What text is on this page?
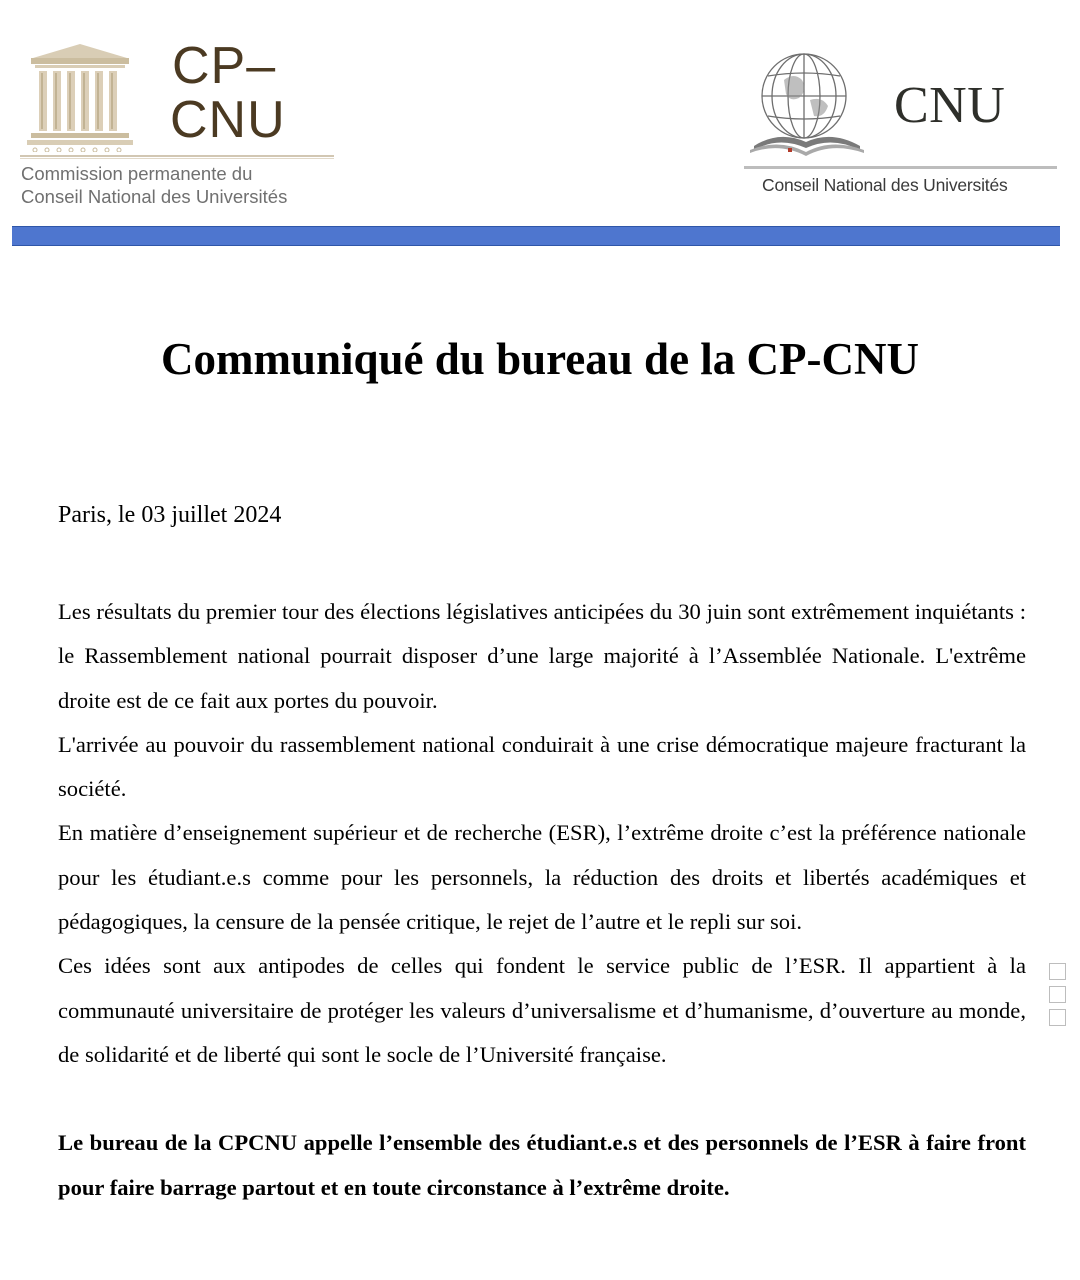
CP–
CNU
Commission permanente du
Conseil National des Universités
CNU
Conseil National des Universités
Communiqué du bureau de la CP-CNU
Paris, le 03 juillet 2024

Les résultats du premier tour des élections législatives anticipées du 30 juin sont extrêmement inquiétants : le Rassemblement national pourrait disposer d’une large majorité à l’Assemblée Nationale. L'extrême droite est de ce fait aux portes du pouvoir.

L'arrivée au pouvoir du rassemblement national conduirait à une crise démocratique majeure fracturant la société.

En matière d’enseignement supérieur et de recherche (ESR), l’extrême droite c’est la préférence nationale pour les étudiant.e.s comme pour les personnels, la réduction des droits et libertés académiques et pédagogiques, la censure de la pensée critique, le rejet de l’autre et le repli sur soi.

Ces idées sont aux antipodes de celles qui fondent le service public de l’ESR. Il appartient à la communauté universitaire de protéger les valeurs d’universalisme et d’humanisme, d’ouverture au monde, de solidarité et de liberté qui sont le socle de l’Université française.

Le bureau de la CPCNU appelle l’ensemble des étudiant.e.s et des personnels de l’ESR à faire front pour faire barrage partout et en toute circonstance à l’extrême droite.
